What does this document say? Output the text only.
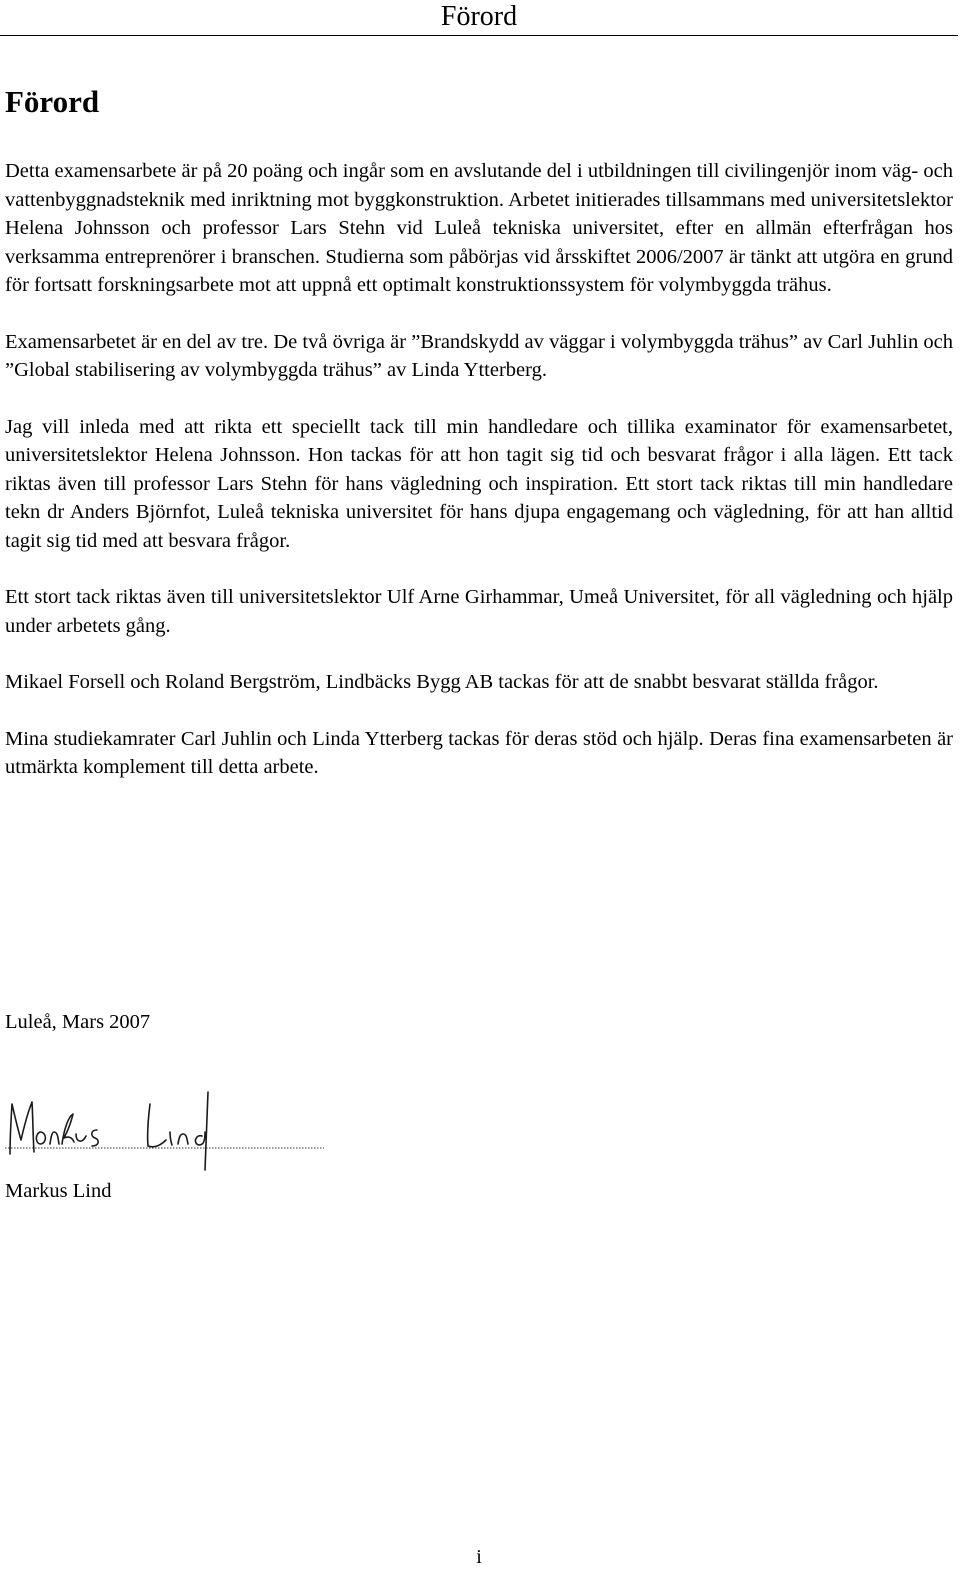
Förord
Förord

Detta examensarbete är på 20 poäng och ingår som en avslutande del i utbildningen till civilingenjör inom väg- och vattenbyggnadsteknik med inriktning mot byggkonstruktion. Arbetet initierades tillsammans med universitetslektor Helena Johnsson och professor Lars Stehn vid Luleå tekniska universitet, efter en allmän efterfrågan hos verksamma entreprenörer i branschen. Studierna som påbörjas vid årsskiftet 2006/2007 är tänkt att utgöra en grund för fortsatt forskningsarbete mot att uppnå ett optimalt konstruktionssystem för volymbyggda trähus.

Examensarbetet är en del av tre. De två övriga är ”Brandskydd av väggar i volymbyggda trähus” av Carl Juhlin och ”Global stabilisering av volymbyggda trähus” av Linda Ytterberg.

Jag vill inleda med att rikta ett speciellt tack till min handledare och tillika examinator för examensarbetet, universitetslektor Helena Johnsson. Hon tackas för att hon tagit sig tid och besvarat frågor i alla lägen. Ett tack riktas även till professor Lars Stehn för hans vägledning och inspiration. Ett stort tack riktas till min handledare tekn dr Anders Björnfot, Luleå tekniska universitet för hans djupa engagemang och vägledning, för att han alltid tagit sig tid med att besvara frågor.

Ett stort tack riktas även till universitetslektor Ulf Arne Girhammar, Umeå Universitet, för all vägledning och hjälp under arbetets gång.

Mikael Forsell och Roland Bergström, Lindbäcks Bygg AB tackas för att de snabbt besvarat ställda frågor.

Mina studiekamrater Carl Juhlin och Linda Ytterberg tackas för deras stöd och hjälp. Deras fina examensarbeten är utmärkta komplement till detta arbete.

Luleå, Mars 2007
Markus Lind
Markus Lind
i
